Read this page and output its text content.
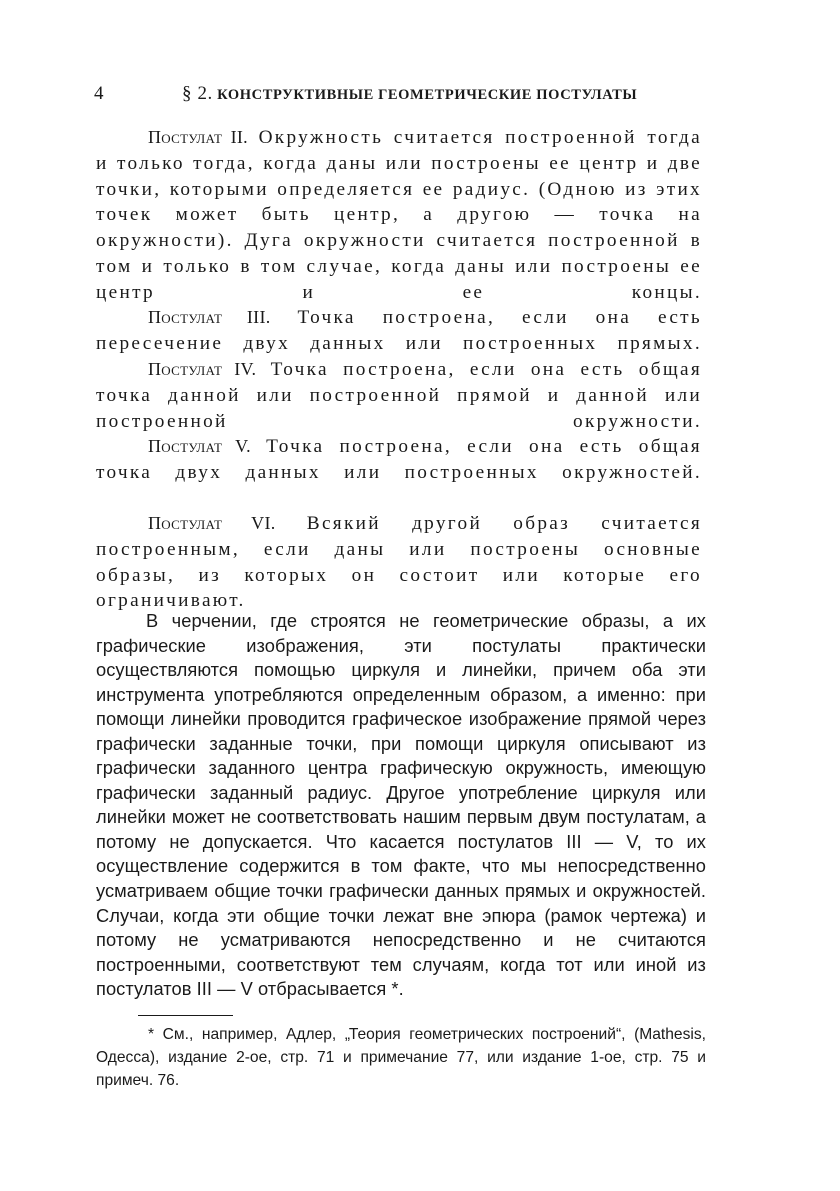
4	§ 2. КОНСТРУКТИВНЫЕ ГЕОМЕТРИЧЕСКИЕ ПОСТУЛАТЫ
Постулат II. Окружность считается построенной тогда и только тогда, когда даны или построены ее центр и две точки, которыми определяется ее радиус. (Одною из этих точек может быть центр, а другою — точка на окружности). Дуга окружности считается построенной в том и только в том случае, когда даны или построены ее центр и ее концы.
Постулат III. Точка построена, если она есть пересечение двух данных или построенных прямых.
Постулат IV. Точка построена, если она есть общая точка данной или построенной прямой и данной или построенной окружности.
Постулат V. Точка построена, если она есть общая точка двух данных или построенных окружностей.
Постулат VI. Всякий другой образ считается построенным, если даны или построены основные образы, из которых он состоит или которые его ограничивают.
В черчении, где строятся не геометрические образы, а их графические изображения, эти постулаты практически осуществляются помощью циркуля и линейки, причем оба эти инструмента употребляются определенным образом, а именно: при помощи линейки проводится графическое изображение прямой через графически заданные точки, при помощи циркуля описывают из графически заданного центра графическую окружность, имеющую графически заданный радиус. Другое употребление циркуля или линейки может не соответствовать нашим первым двум постулатам, а потому не допускается. Что касается постулатов III — V, то их осуществление содержится в том факте, что мы непосредственно усматриваем общие точки графически данных прямых и окружностей. Случаи, когда эти общие точки лежат вне эпюра (рамок чертежа) и потому не усматриваются непосредственно и не считаются построенными, соответствуют тем случаям, когда тот или иной из постулатов III — V отбрасывается *.
* См., например, Адлер, „Теория геометрических построений“, (Mathesis, Одесса), издание 2-ое, стр. 71 и примечание 77, или издание 1-ое, стр. 75 и примеч. 76.
